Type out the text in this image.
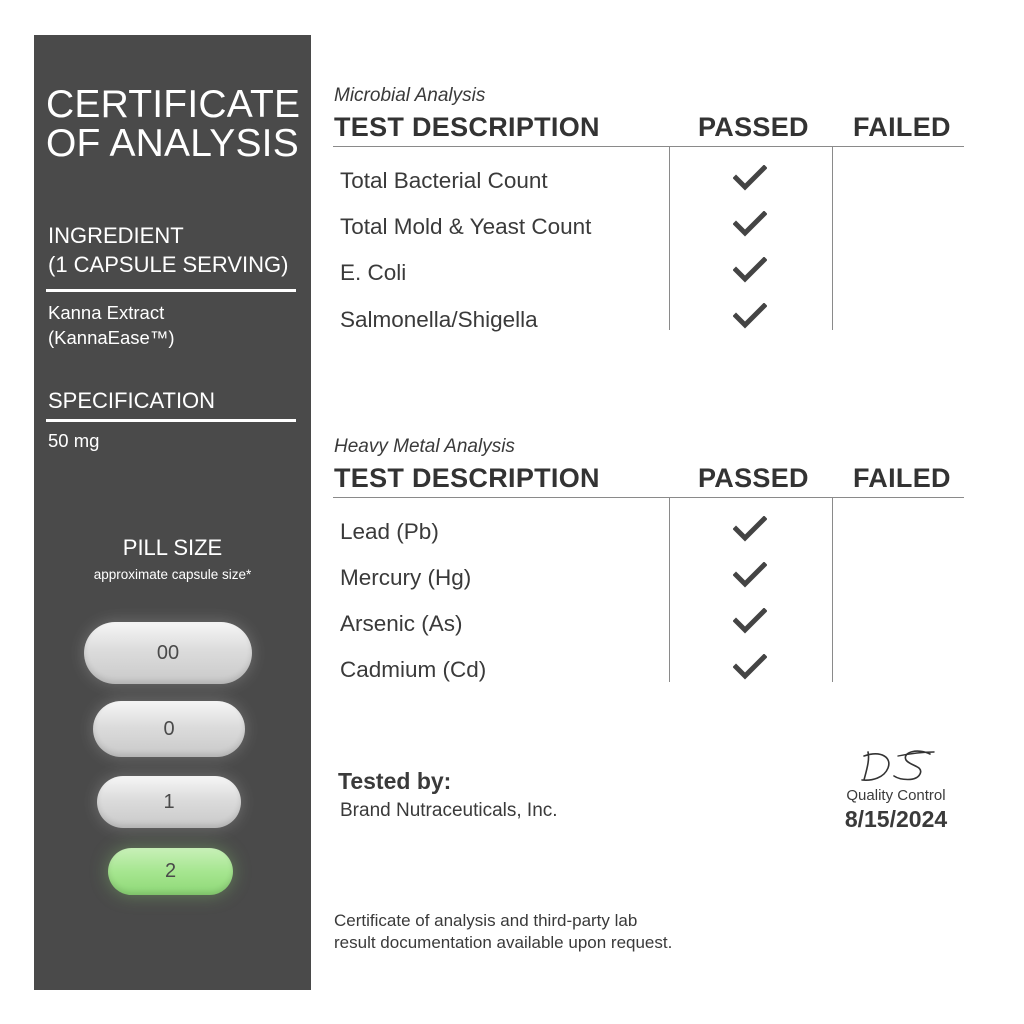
CERTIFICATE
OF ANALYSIS
INGREDIENT
(1 CAPSULE SERVING)
Kanna Extract
(KannaEase™)
SPECIFICATION
50 mg
PILL SIZE
approximate capsule size*
00
0
1
2
Microbial Analysis
TEST DESCRIPTION	PASSED FAILED
Total Bacterial Count
Total Mold & Yeast Count
E. Coli
Salmonella/Shigella
Heavy Metal Analysis
TEST DESCRIPTION	PASSED FAILED
Lead (Pb)
Mercury (Hg)
Arsenic (As)
Cadmium (Cd)
Tested by:
Brand Nutraceuticals, Inc.
Quality Control
8/15/2024
Certificate of analysis and third-party lab
result documentation available upon request.
